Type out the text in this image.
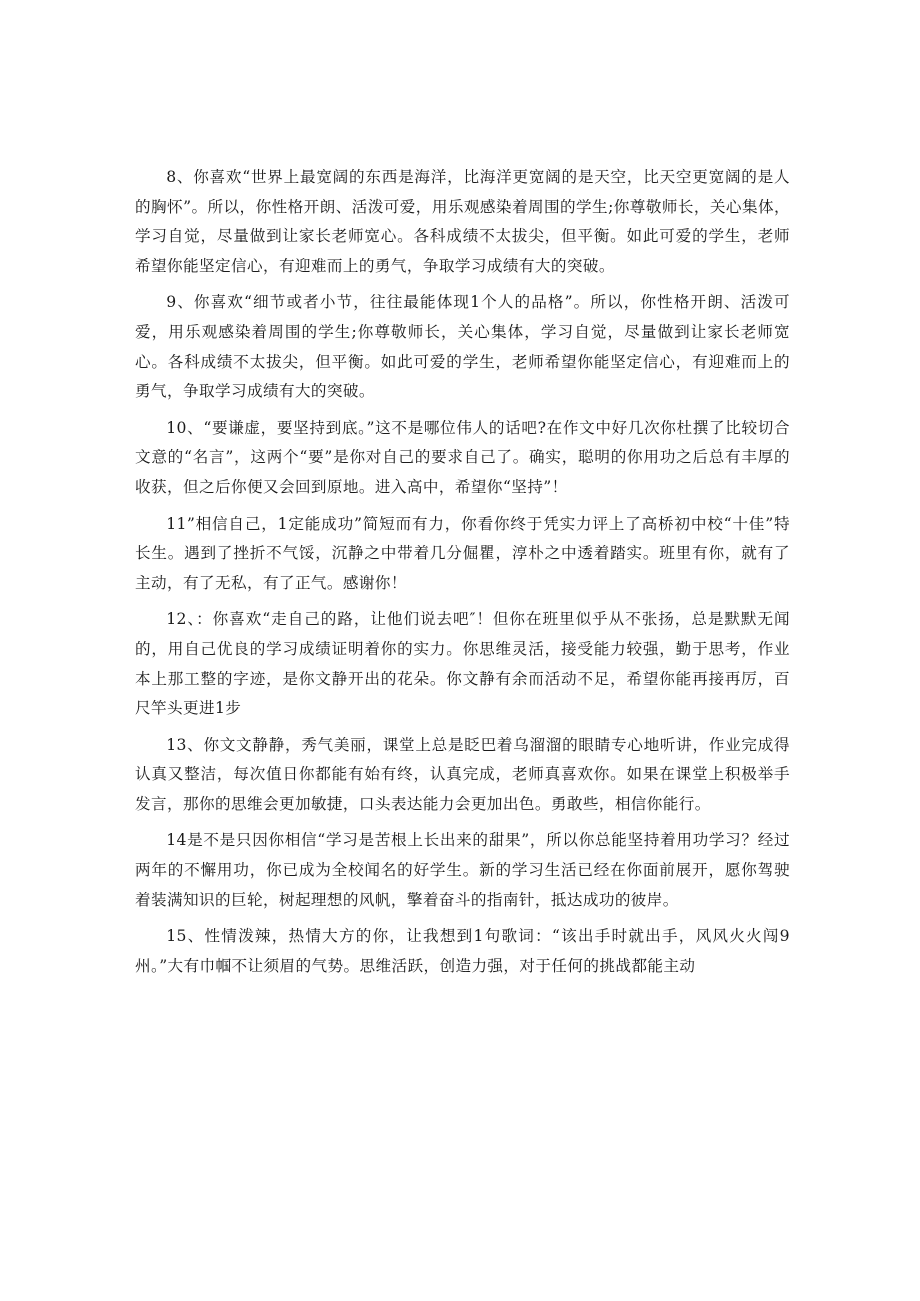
8、你喜欢“世界上最宽阔的东西是海洋，比海洋更宽阔的是天空，比天空更宽阔的是人的胸怀”。所以，你性格开朗、活泼可爱，用乐观感染着周围的学生;你尊敬师长，关心集体，学习自觉，尽量做到让家长老师宽心。各科成绩不太拔尖，但平衡。如此可爱的学生，老师希望你能坚定信心，有迎难而上的勇气，争取学习成绩有大的突破。

9、你喜欢“细节或者小节，往往最能体现1个人的品格”。所以，你性格开朗、活泼可爱，用乐观感染着周围的学生;你尊敬师长，关心集体，学习自觉，尽量做到让家长老师宽心。各科成绩不太拔尖，但平衡。如此可爱的学生，老师希望你能坚定信心，有迎难而上的勇气，争取学习成绩有大的突破。

10、“要谦虚，要坚持到底。”这不是哪位伟人的话吧?在作文中好几次你杜撰了比较切合文意的“名言”，这两个“要”是你对自己的要求自己了。确实，聪明的你用功之后总有丰厚的收获，但之后你便又会回到原地。进入高中，希望你“坚持”！

11”相信自己，1定能成功”简短而有力，你看你终于凭实力评上了高桥初中校“十佳”特长生。遇到了挫折不气馁，沉静之中带着几分倔瞿，淳朴之中透着踏实。班里有你，就有了主动，有了无私，有了正气。感谢你！

12、：你喜欢“走自己的路，让他们说去吧″！但你在班里似乎从不张扬，总是默默无闻的，用自己优良的学习成绩证明着你的实力。你思维灵活，接受能力较强，勤于思考，作业本上那工整的字迹，是你文静开出的花朵。你文静有余而活动不足，希望你能再接再厉，百尺竿头更进1步

13、你文文静静，秀气美丽，课堂上总是眨巴着乌溜溜的眼睛专心地听讲，作业完成得认真又整洁，每次值日你都能有始有终，认真完成，老师真喜欢你。如果在课堂上积极举手发言，那你的思维会更加敏捷，口头表达能力会更加出色。勇敢些，相信你能行。

14是不是只因你相信“学习是苦根上长出来的甜果”，所以你总能坚持着用功学习？经过两年的不懈用功，你已成为全校闻名的好学生。新的学习生活已经在你面前展开，愿你驾驶着装满知识的巨轮，树起理想的风帆，擎着奋斗的指南针，抵达成功的彼岸。

15、性情泼辣，热情大方的你，让我想到1句歌词：“该出手时就出手，风风火火闯9州。”大有巾帼不让须眉的气势。思维活跃，创造力强，对于任何的挑战都能主动
